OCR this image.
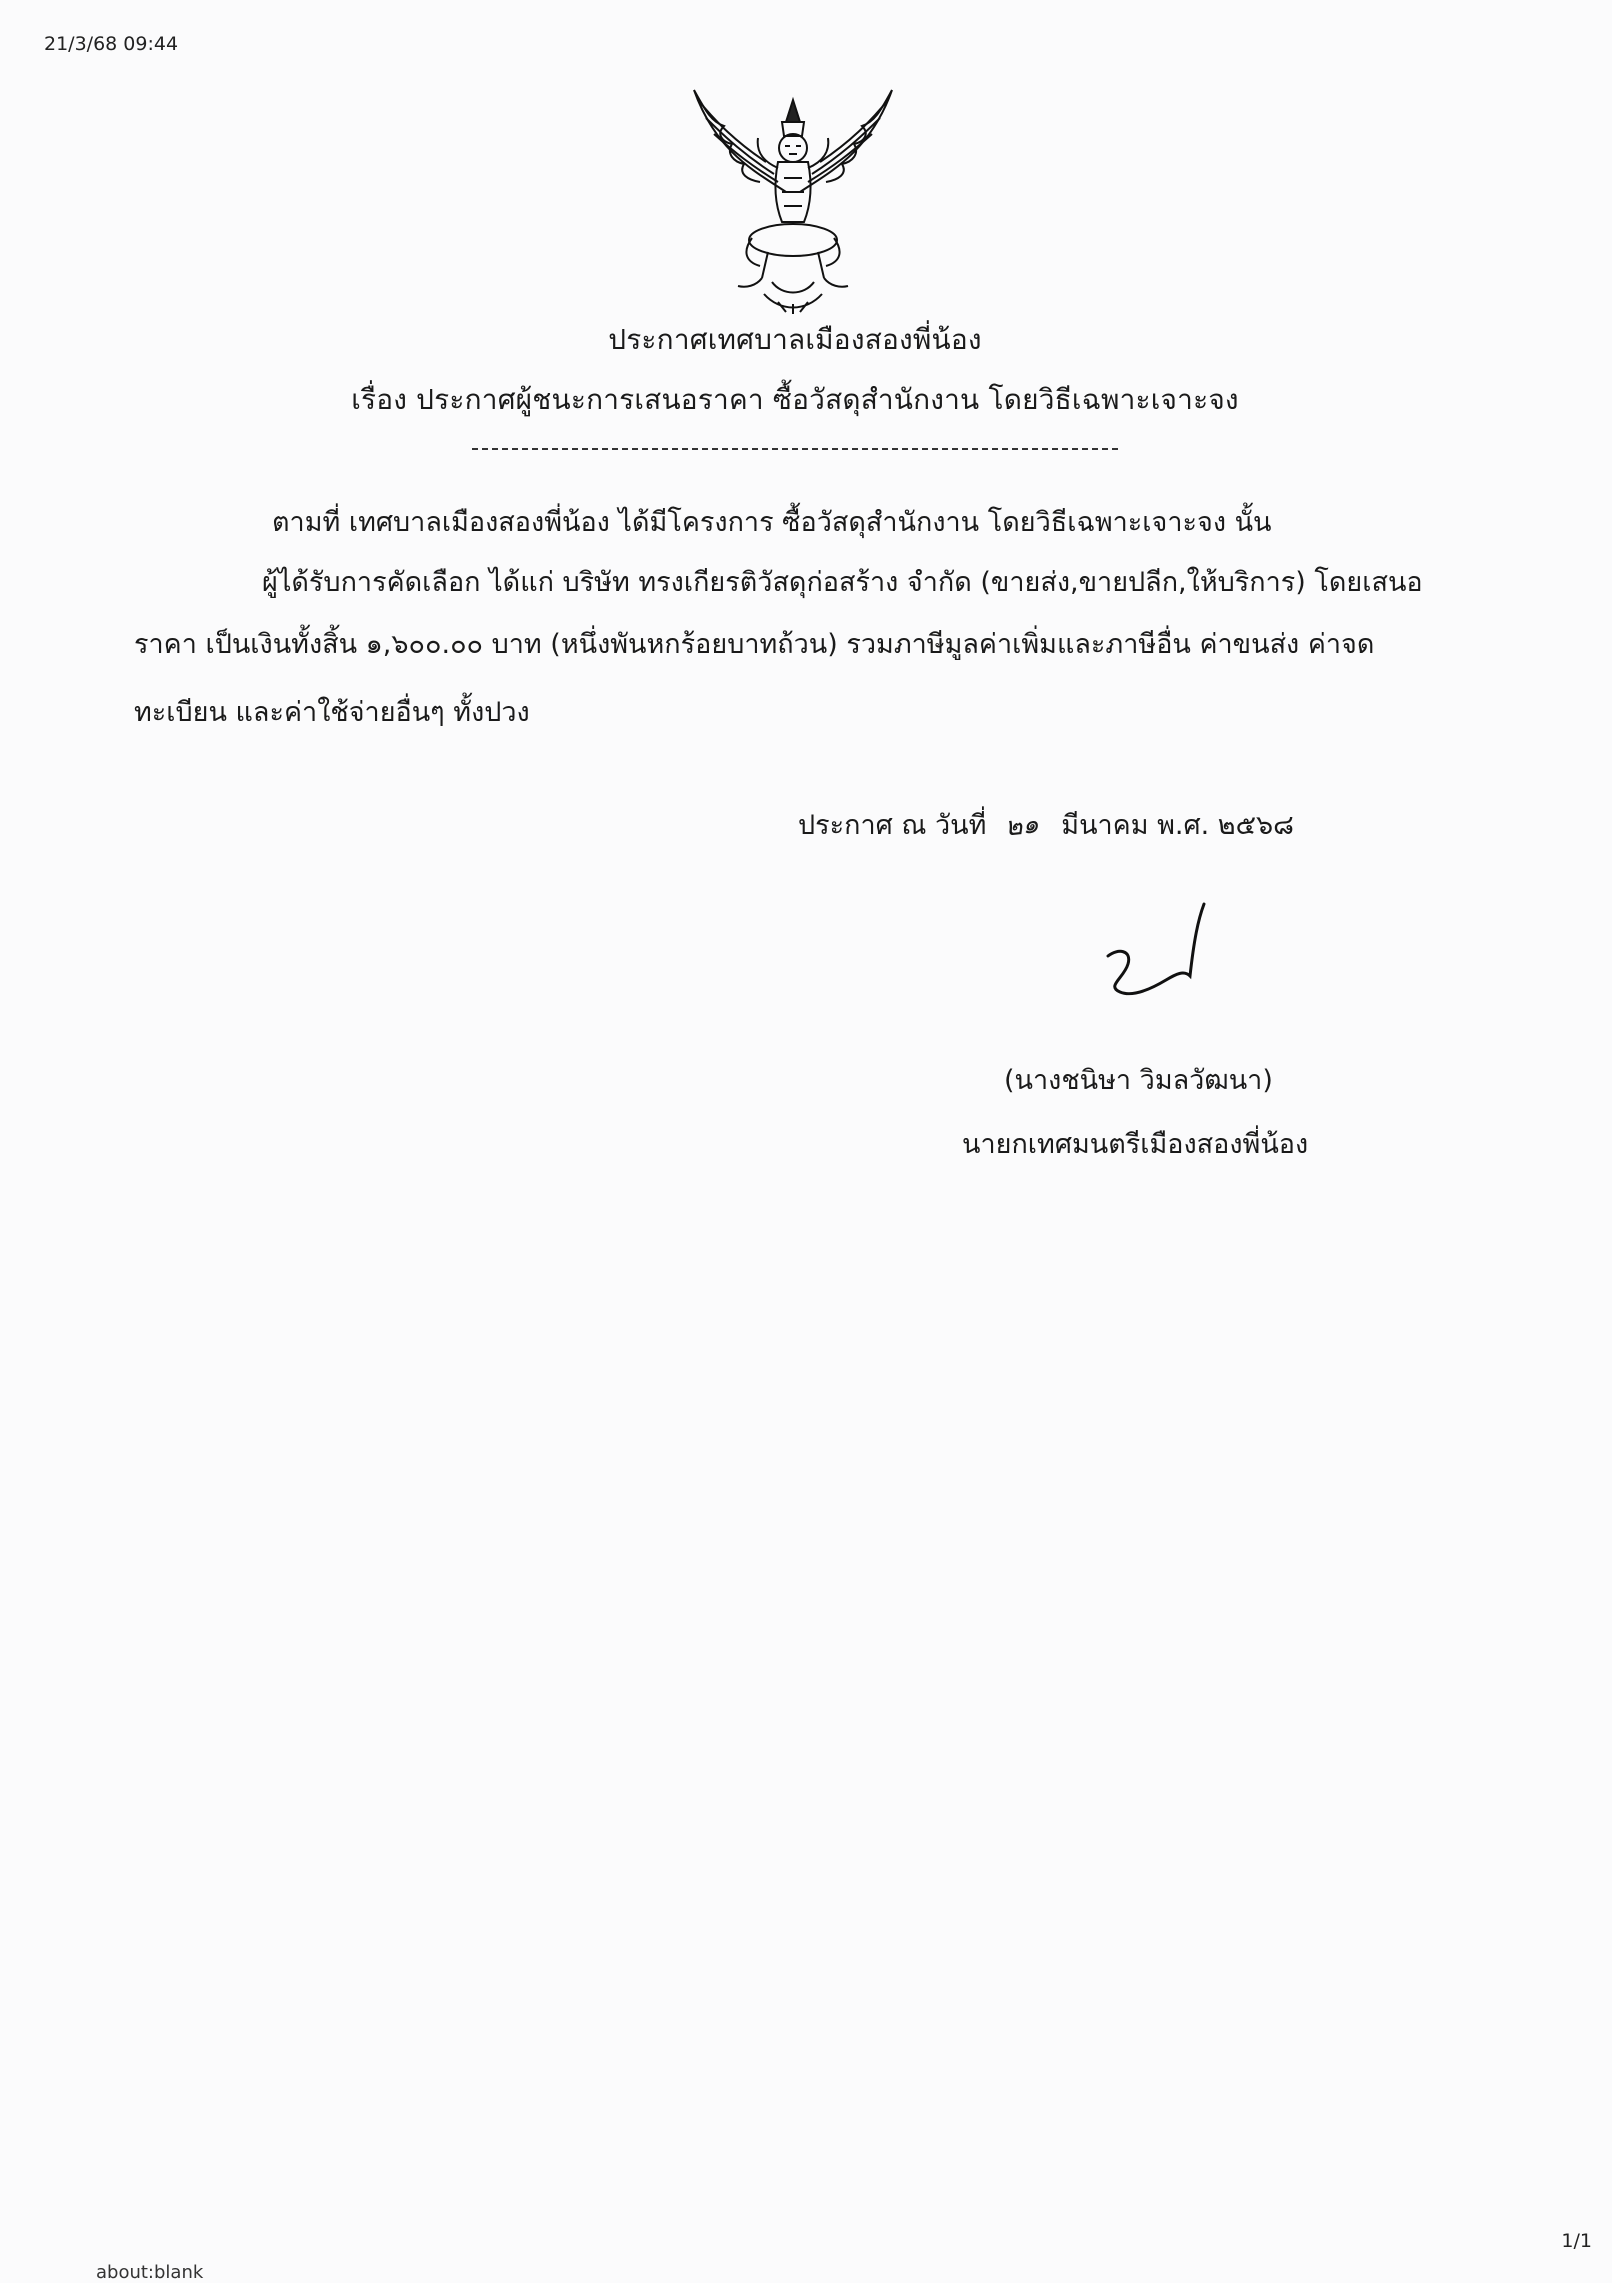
21/3/68 09:44
ประกาศเทศบาลเมืองสองพี่น้อง
เรื่อง ประกาศผู้ชนะการเสนอราคา ซื้อวัสดุสำนักงาน โดยวิธีเฉพาะเจาะจง
ตามที่ เทศบาลเมืองสองพี่น้อง ได้มีโครงการ ซื้อวัสดุสำนักงาน โดยวิธีเฉพาะเจาะจง นั้น
ผู้ได้รับการคัดเลือก ได้แก่ บริษัท ทรงเกียรติวัสดุก่อสร้าง จำกัด (ขายส่ง,ขายปลีก,ให้บริการ) โดยเสนอ
ราคา เป็นเงินทั้งสิ้น ๑,๖๐๐.๐๐ บาท (หนึ่งพันหกร้อยบาทถ้วน) รวมภาษีมูลค่าเพิ่มและภาษีอื่น ค่าขนส่ง ค่าจด
ทะเบียน และค่าใช้จ่ายอื่นๆ ทั้งปวง
ประกาศ ณ วันที่ ๒๑ มีนาคม พ.ศ. ๒๕๖๘
(นางชนิษา วิมลวัฒนา)
นายกเทศมนตรีเมืองสองพี่น้อง
1/1
about:blank
